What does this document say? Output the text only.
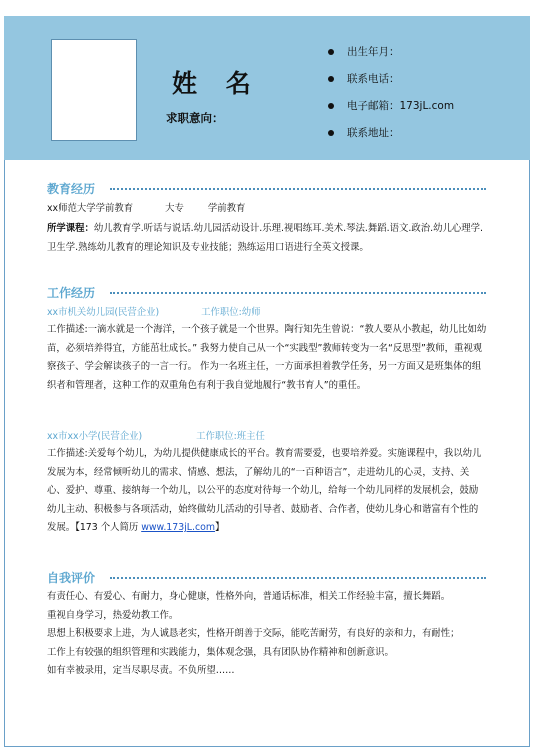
姓 名
求职意向：
出生年月：
联系电话：
电子邮箱：173jL.com
联系地址：
教育经历
xx师范大学学前教育	大专	学前教育
所学课程：幼儿教育学.听话与说话.幼儿园活动设计.乐理.视唱练耳.美术.琴法.舞蹈.语文.政治.幼儿心理学.卫生学.熟练幼儿教育的理论知识及专业技能；熟练运用口语进行全英文授课。
工作经历
xx市机关幼儿园(民营企业)	工作职位:幼师
工作描述:一滴水就是一个海洋，一个孩子就是一个世界。陶行知先生曾说：“教人要从小教起，幼儿比如幼苗，必须培养得宜，方能茁壮成长。” 我努力使自己从一个“实践型”教师转变为一名“反思型”教师，重视观察孩子、学会解读孩子的一言一行。 作为一名班主任，一方面承担着教学任务，另一方面又是班集体的组织者和管理者，这种工作的双重角色有利于我自觉地履行“教书育人”的重任。
xx市xx小学(民营企业)	工作职位:班主任
工作描述:关爱每个幼儿，为幼儿提供健康成长的平台。教育需要爱，也要培养爱。实施课程中，我以幼儿发展为本，经常倾听幼儿的需求、情感、想法，了解幼儿的“一百种语言”，走进幼儿的心灵，支持、关心、爱护、尊重、接纳每一个幼儿，以公平的态度对待每一个幼儿，给每一个幼儿同样的发展机会，鼓励幼儿主动、积极参与各项活动，始终做幼儿活动的引导者、鼓励者、合作者，使幼儿身心和谐富有个性的发展。【173 个人简历 www.173jL.com】
自我评价
有责任心、有爱心、有耐力，身心健康，性格外向，普通话标准，相关工作经验丰富，擅长舞蹈。
重视自身学习，热爱幼教工作。
思想上积极要求上进，为人诚恳老实，性格开朗善于交际，能吃苦耐劳，有良好的亲和力，有耐性；
工作上有较强的组织管理和实践能力，集体观念强，具有团队协作精神和创新意识。
如有幸被录用，定当尽职尽责。不负所望……
